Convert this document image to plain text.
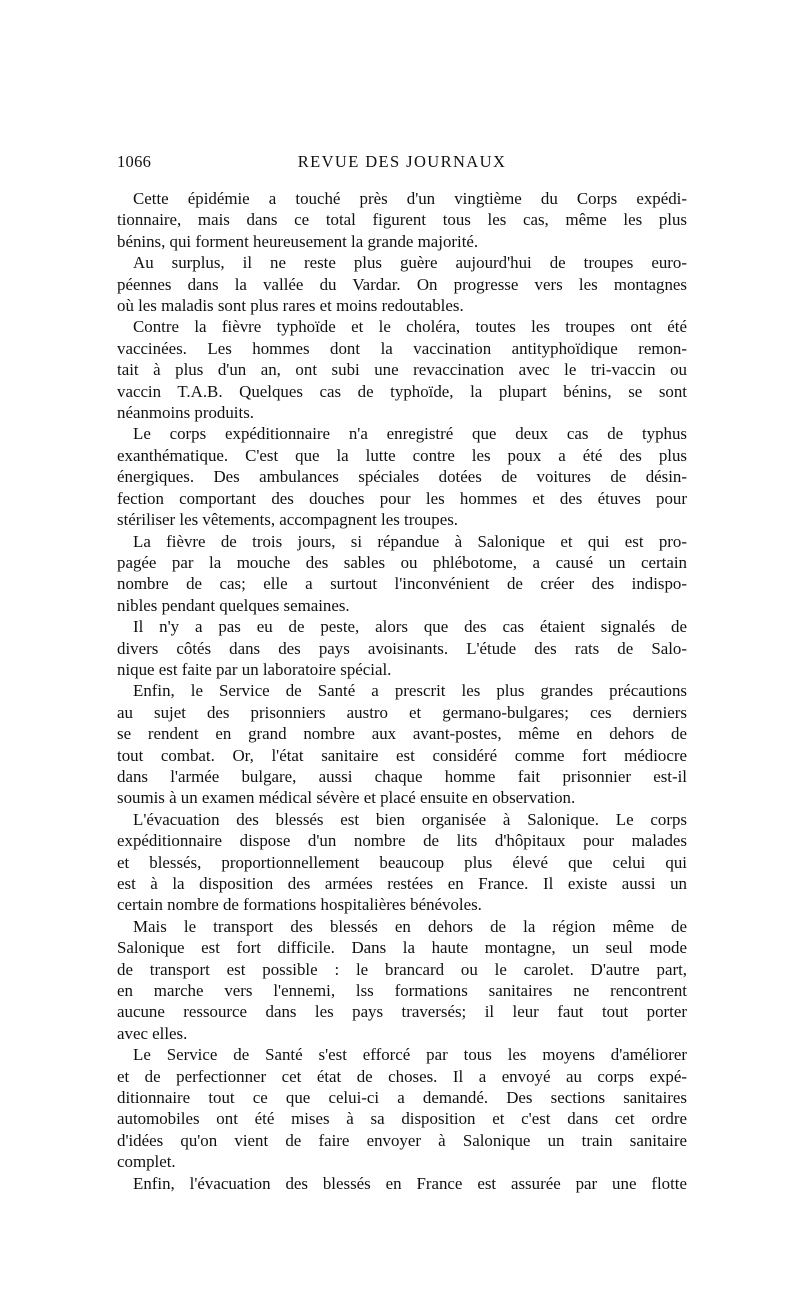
1066	REVUE DES JOURNAUX
Cette épidémie a touché près d'un vingtième du Corps expédi-
tionnaire, mais dans ce total figurent tous les cas, même les plus
bénins, qui forment heureusement la grande majorité.
Au surplus, il ne reste plus guère aujourd'hui de troupes euro-
péennes dans la vallée du Vardar. On progresse vers les montagnes
où les maladis sont plus rares et moins redoutables.
Contre la fièvre typhoïde et le choléra, toutes les troupes ont été
vaccinées. Les hommes dont la vaccination antityphoïdique remon-
tait à plus d'un an, ont subi une revaccination avec le tri-vaccin ou
vaccin T.A.B. Quelques cas de typhoïde, la plupart bénins, se sont
néanmoins produits.
Le corps expéditionnaire n'a enregistré que deux cas de typhus
exanthématique. C'est que la lutte contre les poux a été des plus
énergiques. Des ambulances spéciales dotées de voitures de désin-
fection comportant des douches pour les hommes et des étuves pour
stériliser les vêtements, accompagnent les troupes.
La fièvre de trois jours, si répandue à Salonique et qui est pro-
pagée par la mouche des sables ou phlébotome, a causé un certain
nombre de cas; elle a surtout l'inconvénient de créer des indispo-
nibles pendant quelques semaines.
Il n'y a pas eu de peste, alors que des cas étaient signalés de
divers côtés dans des pays avoisinants. L'étude des rats de Salo-
nique est faite par un laboratoire spécial.
Enfin, le Service de Santé a prescrit les plus grandes précautions
au sujet des prisonniers austro et germano-bulgares; ces derniers
se rendent en grand nombre aux avant-postes, même en dehors de
tout combat. Or, l'état sanitaire est considéré comme fort médiocre
dans l'armée bulgare, aussi chaque homme fait prisonnier est-il
soumis à un examen médical sévère et placé ensuite en observation.
L'évacuation des blessés est bien organisée à Salonique. Le corps
expéditionnaire dispose d'un nombre de lits d'hôpitaux pour malades
et blessés, proportionnellement beaucoup plus élevé que celui qui
est à la disposition des armées restées en France. Il existe aussi un
certain nombre de formations hospitalières bénévoles.
Mais le transport des blessés en dehors de la région même de
Salonique est fort difficile. Dans la haute montagne, un seul mode
de transport est possible : le brancard ou le carolet. D'autre part,
en marche vers l'ennemi, lss formations sanitaires ne rencontrent
aucune ressource dans les pays traversés; il leur faut tout porter
avec elles.
Le Service de Santé s'est efforcé par tous les moyens d'améliorer
et de perfectionner cet état de choses. Il a envoyé au corps expé-
ditionnaire tout ce que celui-ci a demandé. Des sections sanitaires
automobiles ont été mises à sa disposition et c'est dans cet ordre
d'idées qu'on vient de faire envoyer à Salonique un train sanitaire
complet.
Enfin, l'évacuation des blessés en France est assurée par une flotte
